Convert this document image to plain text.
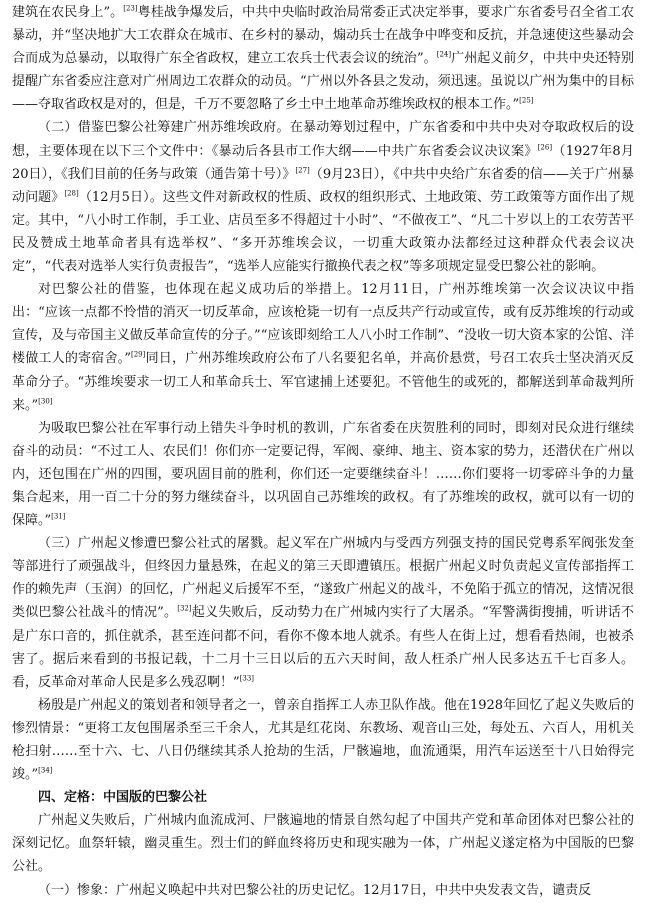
建筑在农民身上”。[23]粤桂战争爆发后，中共中央临时政治局常委正式决定举事，要求广东省委号召全省工农暴动，并“坚决地扩大工农群众在城市、在乡村的暴动，煽动兵士在战争中哗变和反抗，并急速使这些暴动会合而成为总暴动，以取得广东全省政权，建立工农兵士代表会议的统治”。[24]广州起义前夕，中共中央还特别提醒广东省委应注意对广州周边工农群众的动员。“广州以外各县之发动，须迅速。虽说以广州为集中的目标——夺取省政权是对的，但是，千万不要忽略了乡土中土地革命苏维埃政权的根本工作。”[25]

（二）借鉴巴黎公社筹建广州苏维埃政府。在暴动筹划过程中，广东省委和中共中央对夺取政权后的设想，主要体现在以下三个文件中：《暴动后各县市工作大纲——中共广东省委会议决议案》[26]（1927年8月20日），《我们目前的任务与政策（通告第十号）》[27]（9月23日），《中共中央给广东省委的信——关于广州暴动问题》[28]（12月5日）。这些文件对新政权的性质、政权的组织形式、土地政策、劳工政策等方面作出了规定。其中，“八小时工作制，手工业、店员至多不得超过十小时”、“不做夜工”、“凡二十岁以上的工农劳苦平民及赞成土地革命者具有选举权”、“多开苏维埃会议，一切重大政策办法都经过这种群众代表会议决定”，“代表对选举人实行负责报告”，“选举人应能实行撤换代表之权”等多项规定显受巴黎公社的影响。

对巴黎公社的借鉴，也体现在起义成功后的举措上。12月11日，广州苏维埃第一次会议决议中指出：“应该一点都不怜惜的消灭一切反革命，应该枪毙一切有一点反共产行动或宣传，或有反苏维埃的行动或宣传，及与帝国主义做反革命宣传的分子。”“应该即刻给工人八小时工作制”、“没收一切大资本家的公馆、洋楼做工人的寄宿舍。”[29]同日，广州苏维埃政府公布了八名要犯名单，并高价悬赏，号召工农兵士坚决消灭反革命分子。“苏维埃要求一切工人和革命兵士、军官逮捕上述要犯。不管他生的或死的，都解送到革命裁判所来。”[30]

为吸取巴黎公社在军事行动上错失斗争时机的教训，广东省委在庆贺胜利的同时，即刻对民众进行继续奋斗的动员：“不过工人、农民们！你们亦一定要记得，军阀、豪绅、地主、资本家的势力，还潜伏在广州以内，还包围在广州的四围，要巩固目前的胜利，你们还一定要继续奋斗！……你们要将一切零碎斗争的力量集合起来，用一百二十分的努力继续奋斗，以巩固自己苏维埃的政权。有了苏维埃的政权，就可以有一切的保障。”[31]

（三）广州起义惨遭巴黎公社式的屠戮。起义军在广州城内与受西方列强支持的国民党粤系军阀张发奎等部进行了顽强战斗，但终因力量悬殊，在起义的第三天即遭镇压。根据广州起义时负责起义宣传部指挥工作的赖先声（玉润）的回忆，广州起义后援军不至，“遂致广州起义的战斗，不免陷于孤立的情况，这情况很类似巴黎公社战斗的情况”。[32]起义失败后，反动势力在广州城内实行了大屠杀。“军警满街搜捕，听讲话不是广东口音的，抓住就杀，甚至连问都不问，看你不像本地人就杀。有些人在街上过，想看看热闹，也被杀害了。据后来看到的书报记载，十二月十三日以后的五六天时间，敌人枉杀广州人民多达五千七百多人。看，反革命对革命人民是多么残忍啊！”[33]

杨殷是广州起义的策划者和领导者之一，曾亲自指挥工人赤卫队作战。他在1928年回忆了起义失败后的惨烈情景：“更将工友包围屠杀至三千余人，尤其是红花岗、东教场、观音山三处，每处五、六百人，用机关枪扫射……至十六、七、八日仍继续其杀人抢劫的生活，尸骸遍地，血流通渠，用汽车运送至十八日始得完竣。”[34]

四、定格：中国版的巴黎公社

广州起义失败后，广州城内血流成河、尸骸遍地的情景自然勾起了中国共产党和革命团体对巴黎公社的深刻记忆。血祭轩辕，幽灵重生。烈士们的鲜血终将历史和现实融为一体，广州起义遂定格为中国版的巴黎公社。

（一）惨象：广州起义唤起中共对巴黎公社的历史记忆。12月17日，中共中央发表文告，谴责反
